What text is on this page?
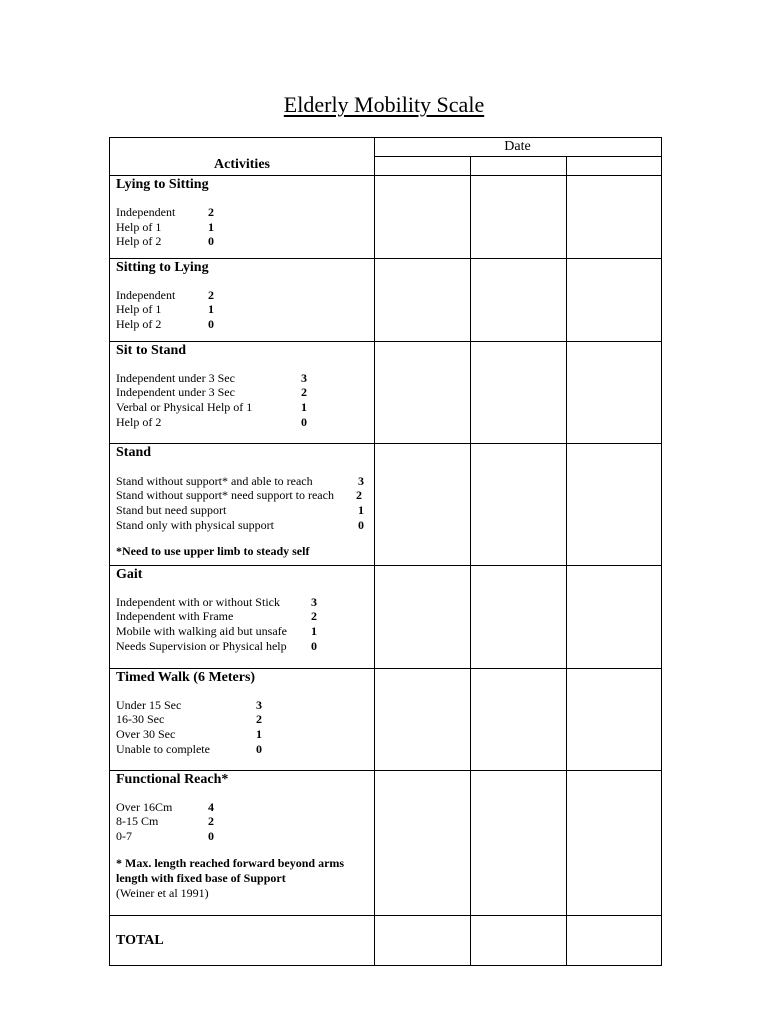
Elderly Mobility Scale
Activities
Date
Lying to Sitting
Independent	2
Help of 1	1
Help of 2	0
Sitting to Lying
Independent	2
Help of 1	1
Help of 2	0
Sit to Stand
Independent under 3 Sec	3
Independent under 3 Sec	2
Verbal or Physical Help of 1	1
Help of 2	0
Stand
Stand without support* and able to reach	3
Stand without support* need support to reach 2
Stand but need support	1
Stand only with physical support	0
*Need to use upper limb to steady self
Gait
Independent with or without Stick	3
Independent with Frame	2
Mobile with walking aid but unsafe 1
Needs Supervision or Physical help 0
Timed Walk (6 Meters)
Under 15 Sec	3
16-30 Sec	2
Over 30 Sec	1
Unable to complete	0
Functional Reach*
Over 16Cm	4
8-15 Cm	2
0-7	0
* Max. length reached forward beyond arms
length with fixed base of Support
(Weiner et al 1991)
TOTAL
